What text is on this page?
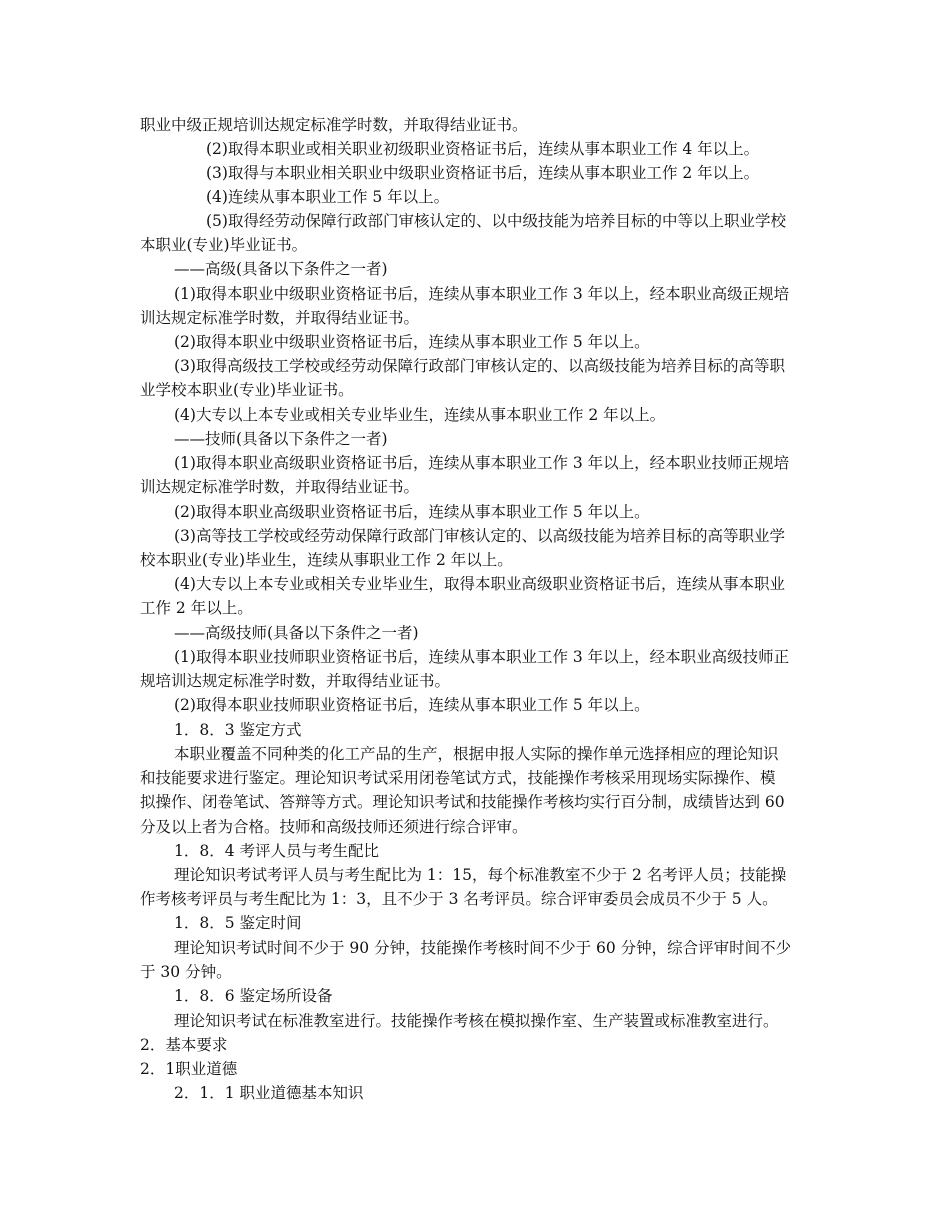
职业中级正规培训达规定标准学时数，并取得结业证书。
(2)取得本职业或相关职业初级职业资格证书后，连续从事本职业工作 4 年以上。
(3)取得与本职业相关职业中级职业资格证书后，连续从事本职业工作 2 年以上。
(4)连续从事本职业工作 5 年以上。
(5)取得经劳动保障行政部门审核认定的、以中级技能为培养目标的中等以上职业学校
本职业(专业)毕业证书。
——高级(具备以下条件之一者)
(1)取得本职业中级职业资格证书后，连续从事本职业工作 3 年以上，经本职业高级正规培
训达规定标准学时数，并取得结业证书。
(2)取得本职业中级职业资格证书后，连续从事本职业工作 5 年以上。
(3)取得高级技工学校或经劳动保障行政部门审核认定的、以高级技能为培养目标的高等职
业学校本职业(专业)毕业证书。
(4)大专以上本专业或相关专业毕业生，连续从事本职业工作 2 年以上。
——技师(具备以下条件之一者)
(1)取得本职业高级职业资格证书后，连续从事本职业工作 3 年以上，经本职业技师正规培
训达规定标准学时数，并取得结业证书。
(2)取得本职业高级职业资格证书后，连续从事本职业工作 5 年以上。
(3)高等技工学校或经劳动保障行政部门审核认定的、以高级技能为培养目标的高等职业学
校本职业(专业)毕业生，连续从事职业工作 2 年以上。
(4)大专以上本专业或相关专业毕业生，取得本职业高级职业资格证书后，连续从事本职业
工作 2 年以上。
——高级技师(具备以下条件之一者)
(1)取得本职业技师职业资格证书后，连续从事本职业工作 3 年以上，经本职业高级技师正
规培训达规定标准学时数，并取得结业证书。
(2)取得本职业技师职业资格证书后，连续从事本职业工作 5 年以上。
1．8．3 鉴定方式
本职业覆盖不同种类的化工产品的生产，根据申报人实际的操作单元选择相应的理论知识
和技能要求进行鉴定。理论知识考试采用闭卷笔试方式，技能操作考核采用现场实际操作、模
拟操作、闭卷笔试、答辩等方式。理论知识考试和技能操作考核均实行百分制，成绩皆达到 60
分及以上者为合格。技师和高级技师还须进行综合评审。
1．8．4 考评人员与考生配比
理论知识考试考评人员与考生配比为 1：15，每个标准教室不少于 2 名考评人员；技能操
作考核考评员与考生配比为 1：3，且不少于 3 名考评员。综合评审委员会成员不少于 5 人。
1．8．5 鉴定时间
理论知识考试时间不少于 90 分钟，技能操作考核时间不少于 60 分钟，综合评审时间不少
于 30 分钟。
1．8．6 鉴定场所设备
理论知识考试在标准教室进行。技能操作考核在模拟操作室、生产装置或标准教室进行。
2．基本要求
2．1职业道德
2．1．1 职业道德基本知识
